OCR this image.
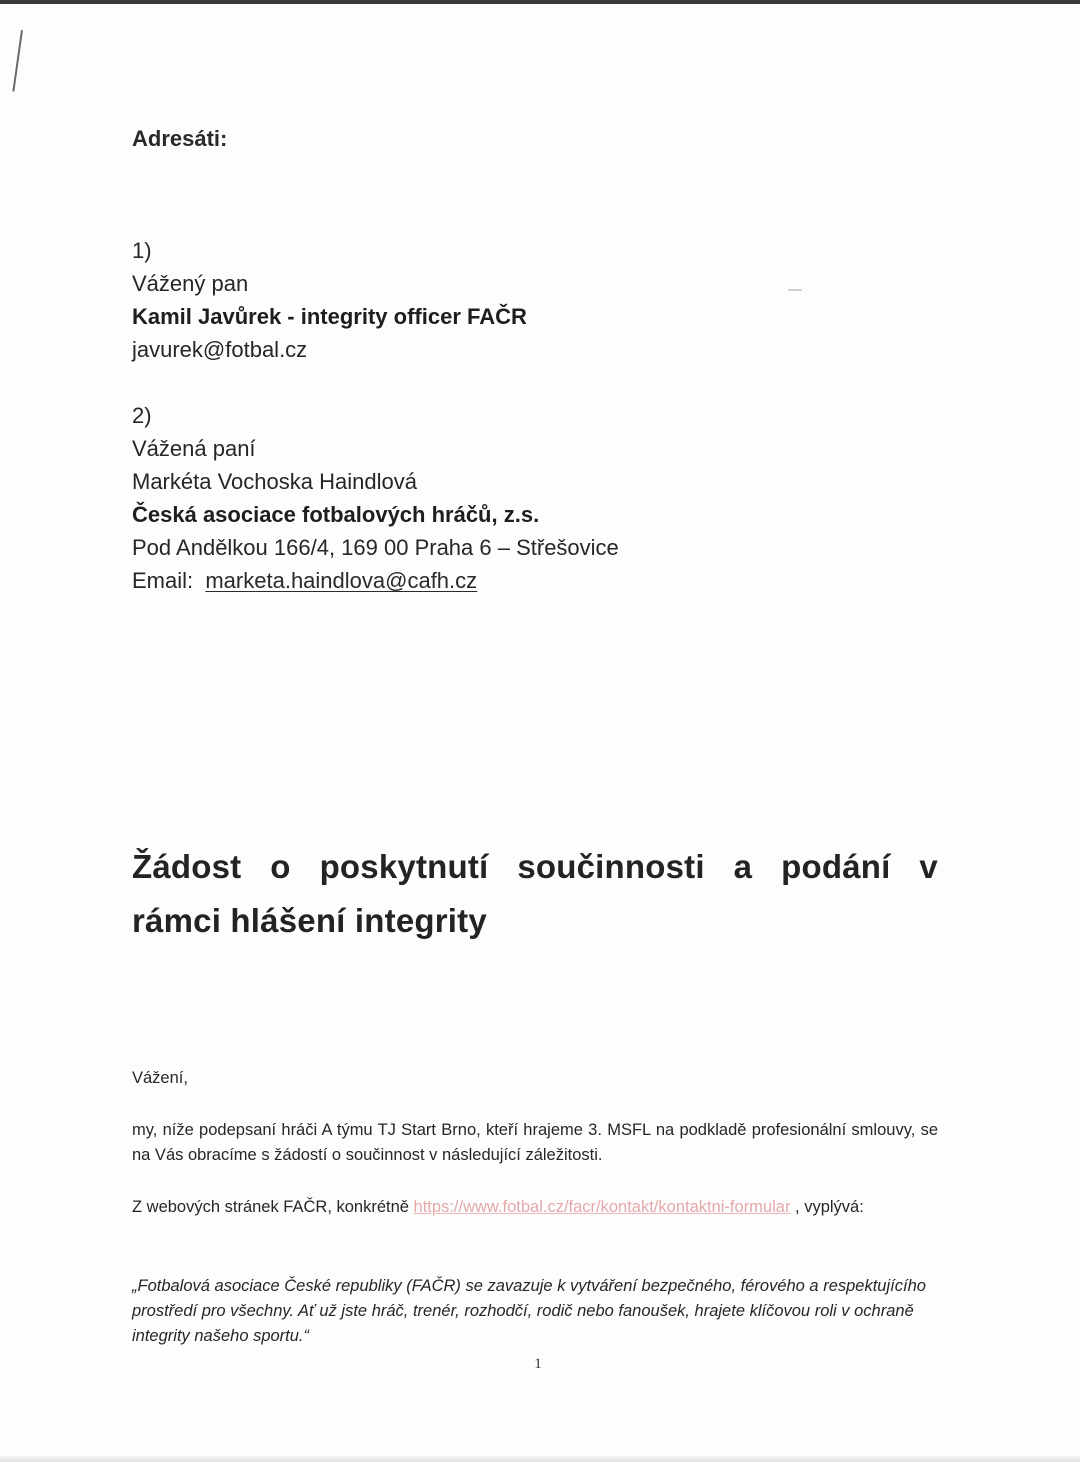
Adresáti:
1)
Vážený pan
Kamil Javůrek - integrity officer FAČR
javurek@fotbal.cz
2)
Vážená paní
Markéta Vochoska Haindlová
Česká asociace fotbalových hráčů, z.s.
Pod Andělkou 166/4, 169 00 Praha 6 – Střešovice
Email: marketa.haindlova@cafh.cz
Žádost o poskytnutí součinnosti a podání v
rámci hlášení integrity
Vážení,
my, níže podepsaní hráči A týmu TJ Start Brno, kteří hrajeme 3. MSFL na podkladě profesionální smlouvy, se na Vás obracíme s žádostí o součinnost v následující záležitosti.
Z webových stránek FAČR, konkrétně https://www.fotbal.cz/facr/kontakt/kontaktni-formular , vyplývá:
„Fotbalová asociace České republiky (FAČR) se zavazuje k vytváření bezpečného, férového a respektujícího prostředí pro všechny. Ať už jste hráč, trenér, rozhodčí, rodič nebo fanoušek, hrajete klíčovou roli v ochraně integrity našeho sportu.“
1
